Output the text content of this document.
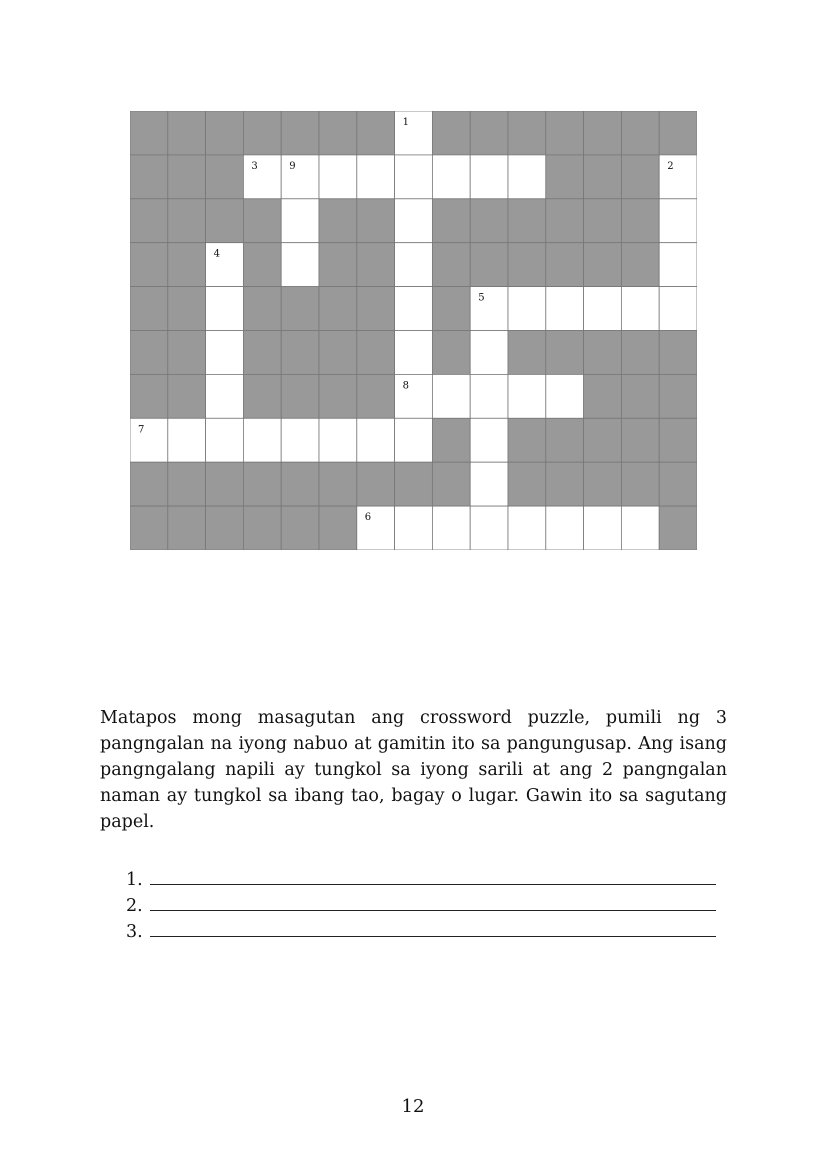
1
3	9	2
4
5
8
7
6

Matapos mong masagutan ang crossword puzzle, pumili ng 3 pangngalan na iyong nabuo at gamitin ito sa pangungusap. Ang isang pangngalang napili ay tungkol sa iyong sarili at ang 2 pangngalan naman ay tungkol sa ibang tao, bagay o lugar. Gawin ito sa sagutang papel.

1.
2.
3.
12
